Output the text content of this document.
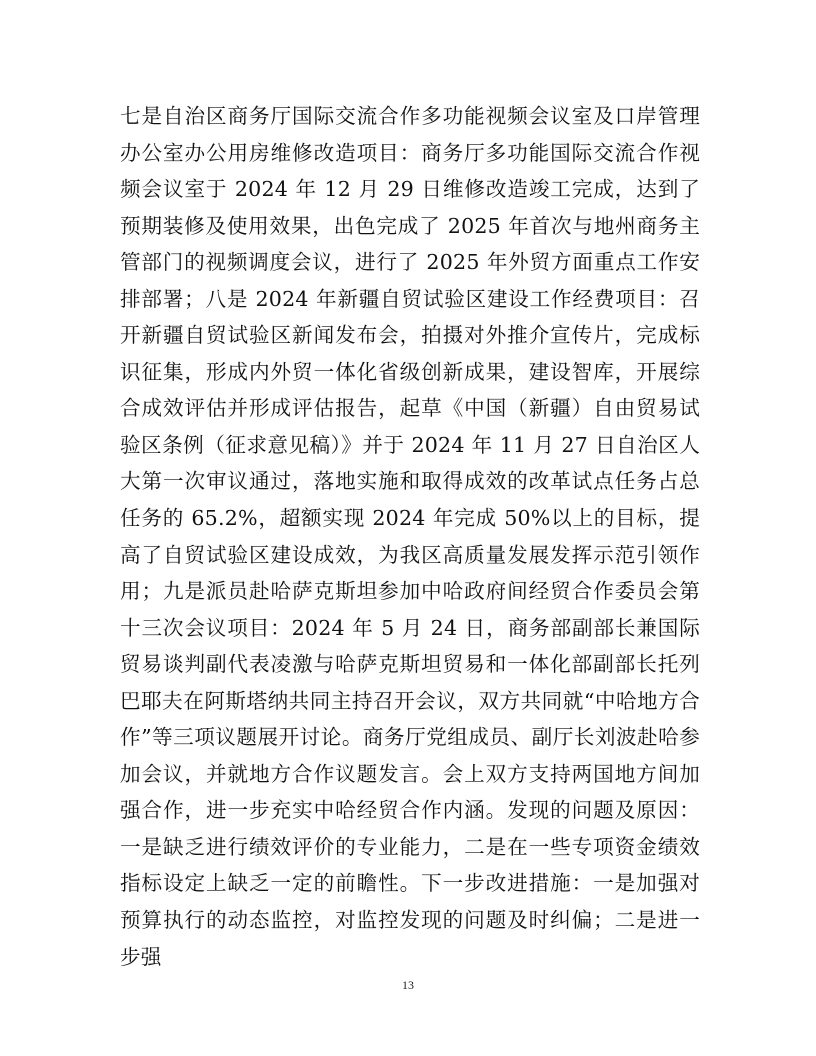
七是自治区商务厅国际交流合作多功能视频会议室及口岸管理办公室办公用房维修改造项目：商务厅多功能国际交流合作视频会议室于 2024 年 12 月 29 日维修改造竣工完成，达到了预期装修及使用效果，出色完成了 2025 年首次与地州商务主管部门的视频调度会议，进行了 2025 年外贸方面重点工作安排部署；八是 2024 年新疆自贸试验区建设工作经费项目：召开新疆自贸试验区新闻发布会，拍摄对外推介宣传片，完成标识征集，形成内外贸一体化省级创新成果，建设智库，开展综合成效评估并形成评估报告，起草《中国（新疆）自由贸易试验区条例（征求意见稿）》并于 2024 年 11 月 27 日自治区人大第一次审议通过，落地实施和取得成效的改革试点任务占总任务的 65.2%，超额实现 2024 年完成 50%以上的目标，提高了自贸试验区建设成效，为我区高质量发展发挥示范引领作用；九是派员赴哈萨克斯坦参加中哈政府间经贸合作委员会第十三次会议项目：2024 年 5 月 24 日，商务部副部长兼国际贸易谈判副代表凌激与哈萨克斯坦贸易和一体化部副部长托列巴耶夫在阿斯塔纳共同主持召开会议，双方共同就“中哈地方合作”等三项议题展开讨论。商务厅党组成员、副厅长刘波赴哈参加会议，并就地方合作议题发言。会上双方支持两国地方间加强合作，进一步充实中哈经贸合作内涵。发现的问题及原因：一是缺乏进行绩效评价的专业能力，二是在一些专项资金绩效指标设定上缺乏一定的前瞻性。下一步改进措施：一是加强对预算执行的动态监控，对监控发现的问题及时纠偏；二是进一步强

13
